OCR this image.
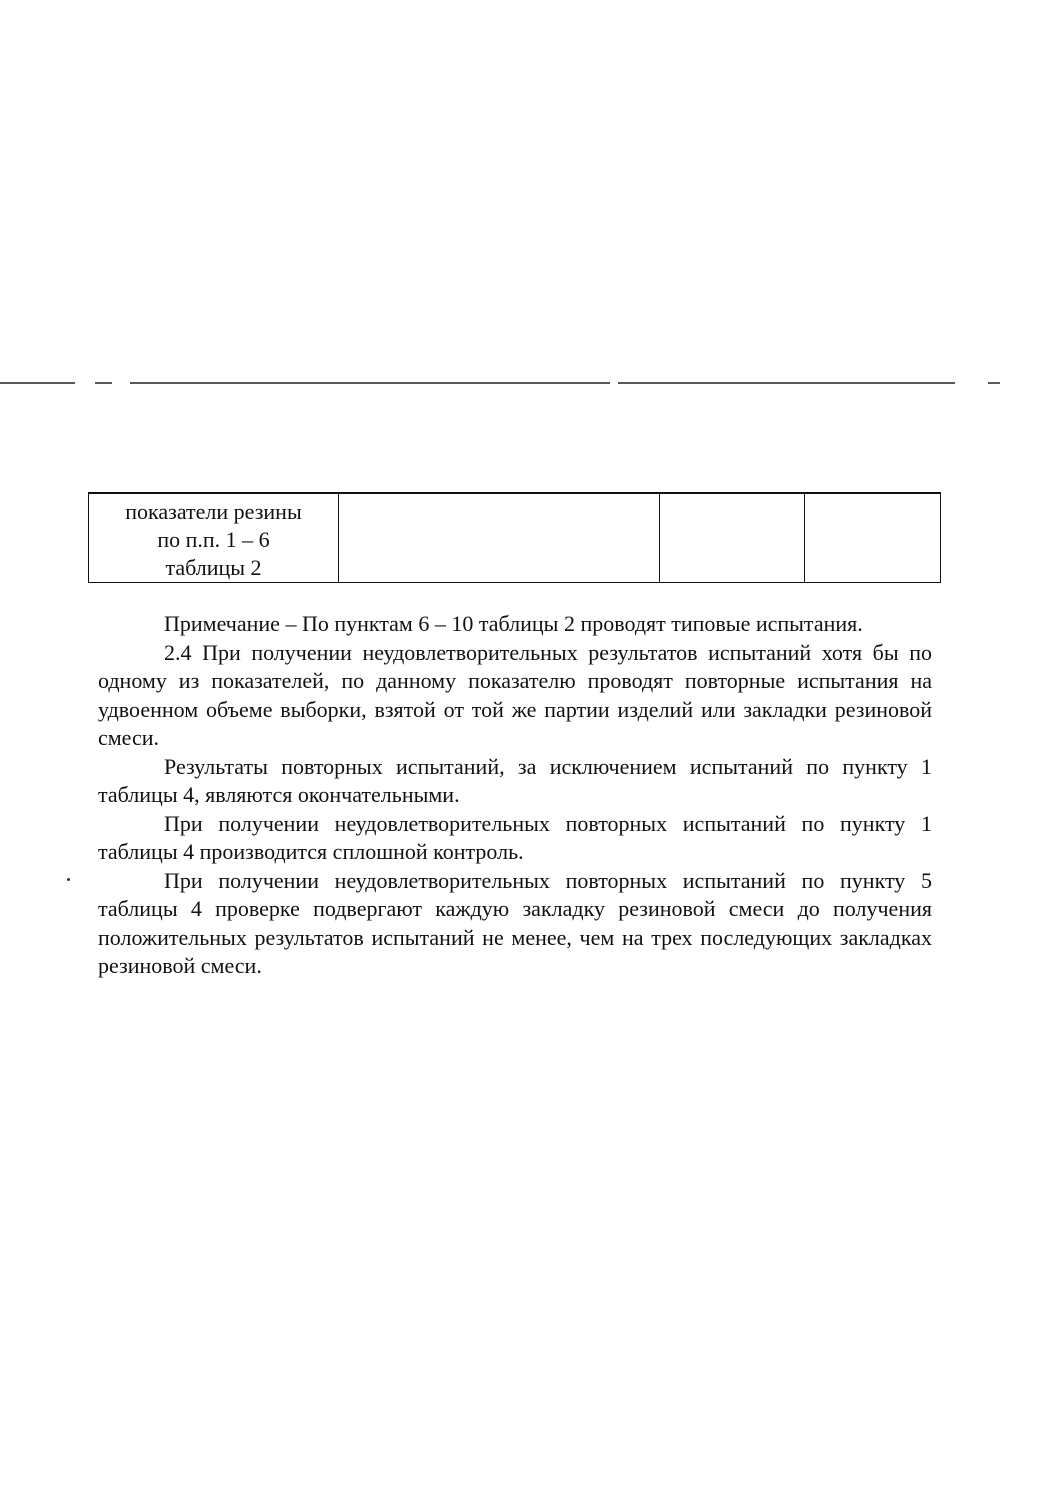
показатели резины
по п.п. 1 – 6
таблицы 2

Примечание – По пунктам 6 – 10 таблицы 2 проводят типовые испытания.

2.4 При получении неудовлетворительных результатов испытаний хотя бы по одному из показателей, по данному показателю проводят повторные испытания на удвоенном объеме выборки, взятой от той же партии изделий или закладки резиновой смеси.

Результаты повторных испытаний, за исключением испытаний по пункту 1 таблицы 4, являются окончательными.

При получении неудовлетворительных повторных испытаний по пункту 1 таблицы 4 производится сплошной контроль.

При получении неудовлетворительных повторных испытаний по пункту 5 таблицы 4 проверке подвергают каждую закладку резиновой смеси до получения положительных результатов испытаний не менее, чем на трех последующих закладках резиновой смеси.
